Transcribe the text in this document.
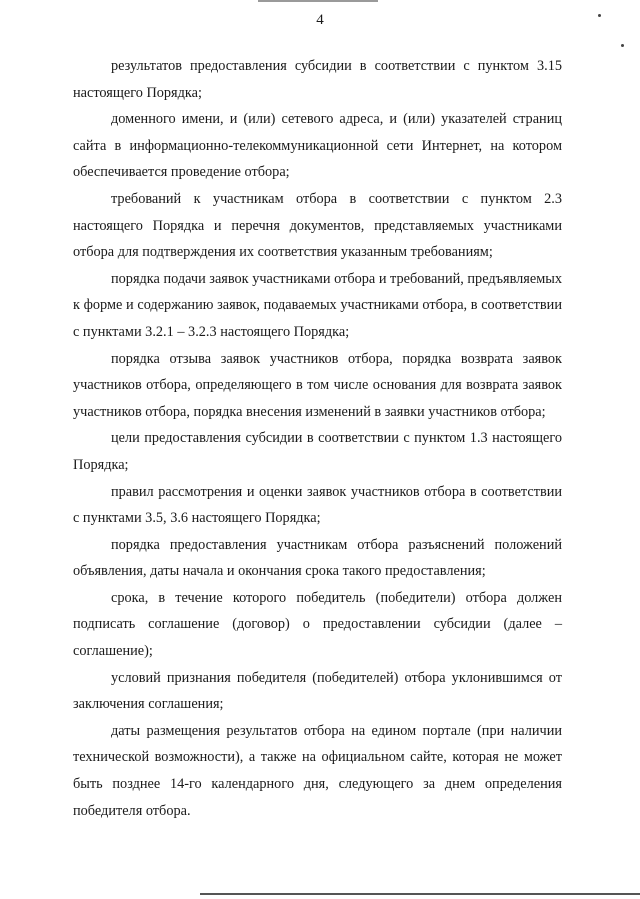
4

результатов предоставления субсидии в соответствии с пунктом 3.15 настоящего Порядка;

доменного имени, и (или) сетевого адреса, и (или) указателей страниц сайта в информационно-телекоммуникационной сети Интернет, на котором обеспечивается проведение отбора;

требований к участникам отбора в соответствии с пунктом 2.3 настоящего Порядка и перечня документов, представляемых участниками отбора для подтверждения их соответствия указанным требованиям;

порядка подачи заявок участниками отбора и требований, предъявляемых к форме и содержанию заявок, подаваемых участниками отбора, в соответствии с пунктами 3.2.1 – 3.2.3 настоящего Порядка;

порядка отзыва заявок участников отбора, порядка возврата заявок участников отбора, определяющего в том числе основания для возврата заявок участников отбора, порядка внесения изменений в заявки участников отбора;

цели предоставления субсидии в соответствии с пунктом 1.3 настоящего Порядка;

правил рассмотрения и оценки заявок участников отбора в соответствии с пунктами 3.5, 3.6 настоящего Порядка;

порядка предоставления участникам отбора разъяснений положений объявления, даты начала и окончания срока такого предоставления;

срока, в течение которого победитель (победители) отбора должен подписать соглашение (договор) о предоставлении субсидии (далее – соглашение);

условий признания победителя (победителей) отбора уклонившимся от заключения соглашения;

даты размещения результатов отбора на едином портале (при наличии технической возможности), а также на официальном сайте, которая не может быть позднее 14-го календарного дня, следующего за днем определения победителя отбора.
